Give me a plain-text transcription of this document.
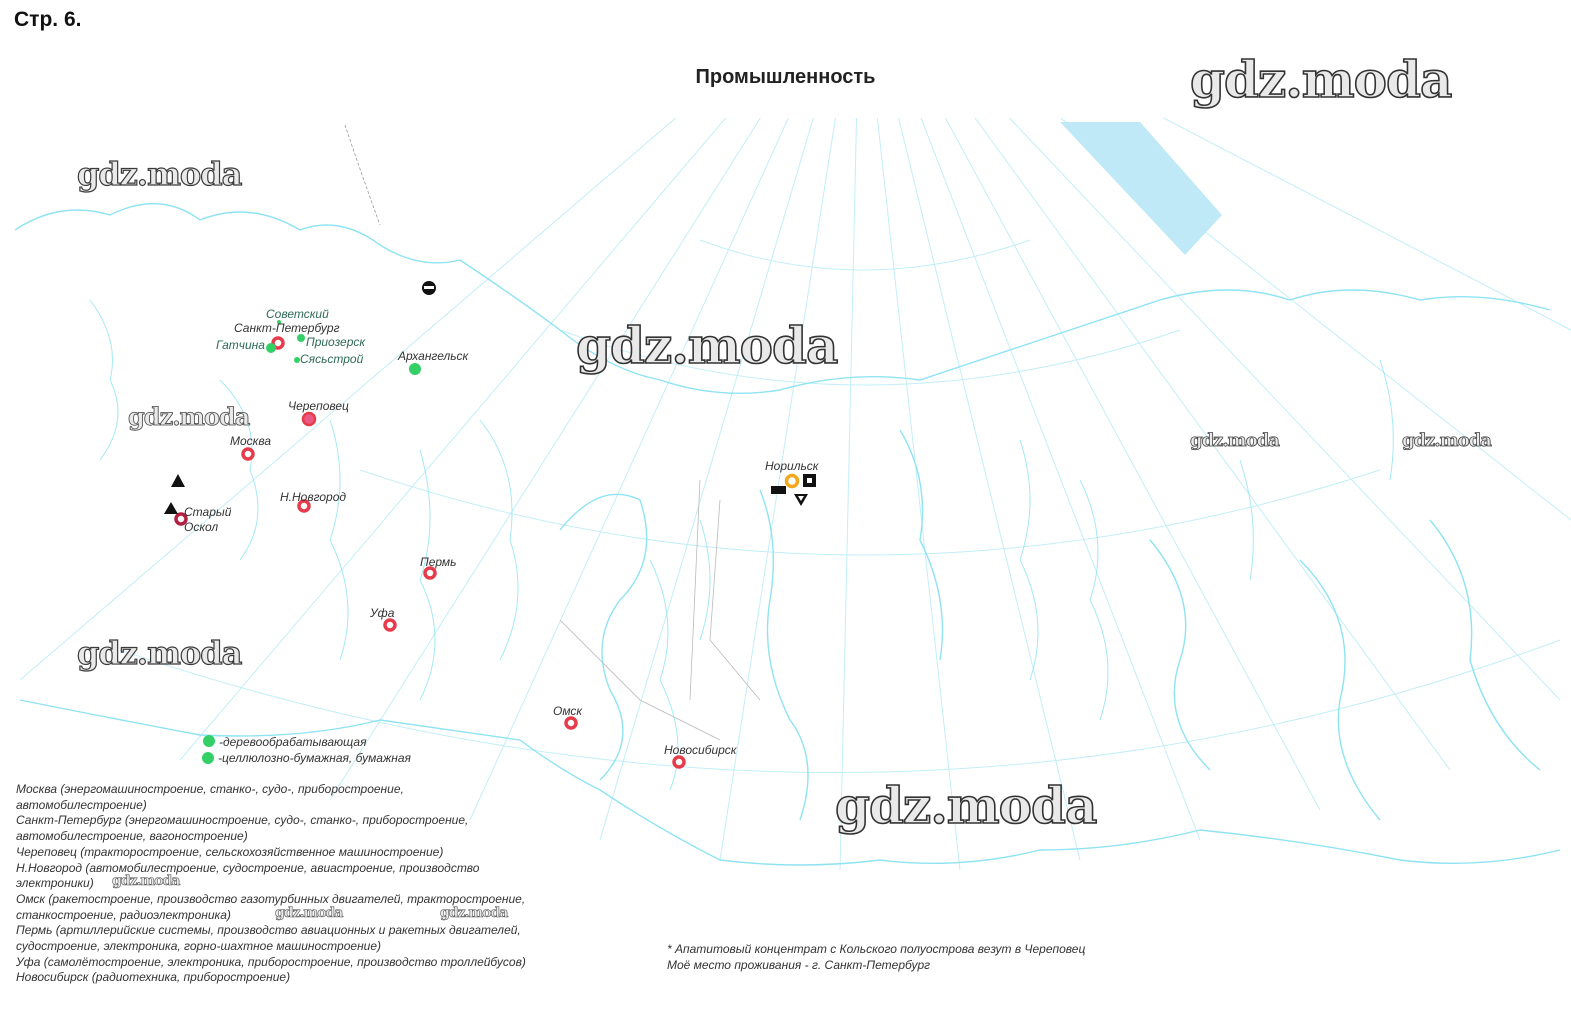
Стр. 6.
Промышленность
Советский
Санкт-Петербург
Приозерск
Гатчина
Сясьстрой	Архангельск
Череповец
Москва
Н.Новгород
Старый
Оскол
Пермь
Уфа
Омск
Новосибирск
Норильск
-деревообрабатывающая
-целлюлозно-бумажная, бумажная
Москва (энергомашиностроение, станко-, судо-, приборостроение,
автомобилестроение)
Санкт-Петербург (энергомашиностроение, судо-, станко-, приборостроение,
автомобилестроение, вагоностроение)
Череповец (тракторостроение, сельскохозяйственное машиностроение)
Н.Новгород (автомобилестроение, судостроение, авиастроение, производство
электроники)
Омск (ракетостроение, производство газотурбинных двигателей, тракторостроение,
станкостроение, радиоэлектроника)
Пермь (артиллерийские системы, производство авиационных и ракетных двигателей,
судостроение, электроника, горно-шахтное машиностроение)
Уфа (самолётостроение, электроника, приборостроение, производство троллейбусов)
Новосибирск (радиотехника, приборостроение)
* Апатитовый концентрат с Кольского полуострова везут в Череповец
Моё место проживания - г. Санкт-Петербург
gdz.moda
gdz.moda
gdz.moda
gdz.moda
gdz.moda	gdz.moda
gdz.moda
gdz.moda
gdz.moda
gdz.moda	gdz.moda
